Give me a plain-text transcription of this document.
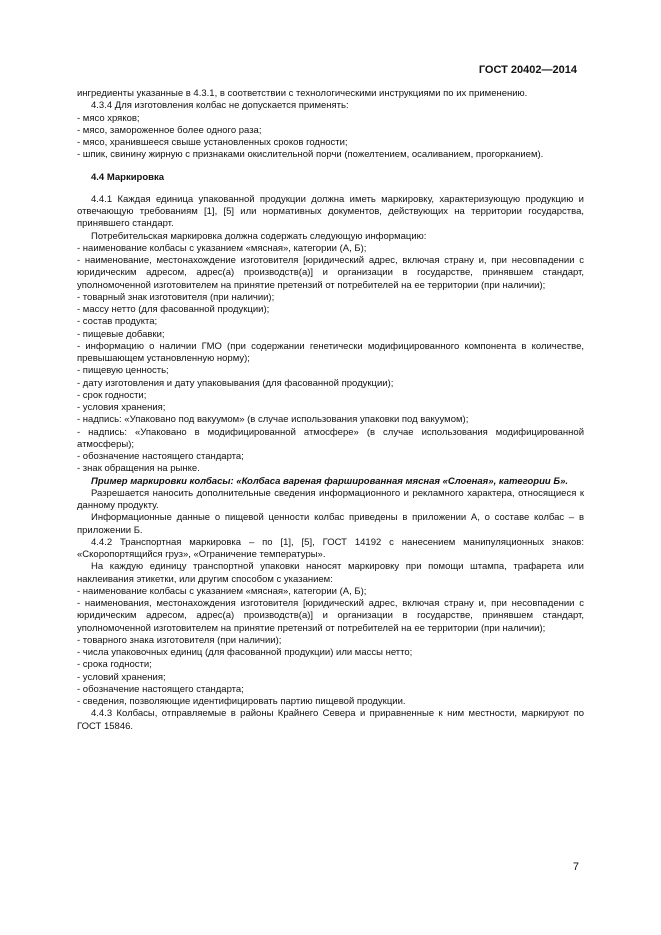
ГОСТ 20402—2014

ингредиенты указанные в 4.3.1, в соответствии с технологическими инструкциями по их применению.

4.3.4 Для изготовления колбас не допускается применять:

- мясо хряков;

- мясо, замороженное более одного раза;

- мясо, хранившееся свыше установленных сроков годности;

- шпик, свинину жирную с признаками окислительной порчи (пожелтением, осаливанием, прогорканием).

4.4 Маркировка

4.4.1 Каждая единица упакованной продукции должна иметь маркировку, характеризующую продукцию и отвечающую требованиям [1], [5] или нормативных документов, действующих на территории государства, принявшего стандарт.

Потребительская маркировка должна содержать следующую информацию:

- наименование колбасы с указанием «мясная», категории (А, Б);

- наименование, местонахождение изготовителя [юридический адрес, включая страну и, при несовпадении с юридическим адресом, адрес(а) производств(а)] и организации в государстве, принявшем стандарт, уполномоченной изготовителем на принятие претензий от потребителей на ее территории (при наличии);

- товарный знак изготовителя (при наличии);

- массу нетто (для фасованной продукции);

- состав продукта;

- пищевые добавки;

- информацию о наличии ГМО (при содержании генетически модифицированного компонента в количестве, превышающем установленную норму);

- пищевую ценность;

- дату изготовления и дату упаковывания (для фасованной продукции);

- срок годности;

- условия хранения;

- надпись: «Упаковано под вакуумом» (в случае использования упаковки под вакуумом);

- надпись: «Упаковано в модифицированной атмосфере» (в случае использования модифицированной атмосферы);

- обозначение настоящего стандарта;

- знак обращения на рынке.

Пример маркировки колбасы: «Колбаса вареная фаршированная мясная «Слоеная», категории Б».

Разрешается наносить дополнительные сведения информационного и рекламного характера, относящиеся к данному продукту.

Информационные данные о пищевой ценности колбас приведены в приложении А, о составе колбас – в приложении Б.

4.4.2 Транспортная маркировка – по [1], [5], ГОСТ 14192 с нанесением манипуляционных знаков: «Скоропортящийся груз», «Ограничение температуры».

На каждую единицу транспортной упаковки наносят маркировку при помощи штампа, трафарета или наклеивания этикетки, или другим способом с указанием:

- наименование колбасы с указанием «мясная», категории (А, Б);

- наименования, местонахождения изготовителя [юридический адрес, включая страну и, при несовпадении с юридическим адресом, адрес(а) производств(а)] и организации в государстве, принявшем стандарт, уполномоченной изготовителем на принятие претензий от потребителей на ее территории (при наличии);

- товарного знака изготовителя (при наличии);

- числа упаковочных единиц (для фасованной продукции) или массы нетто;

- срока годности;

- условий хранения;

- обозначение настоящего стандарта;

- сведения, позволяющие идентифицировать партию пищевой продукции.

4.4.3 Колбасы, отправляемые в районы Крайнего Севера и приравненные к ним местности, маркируют по ГОСТ 15846.

7
